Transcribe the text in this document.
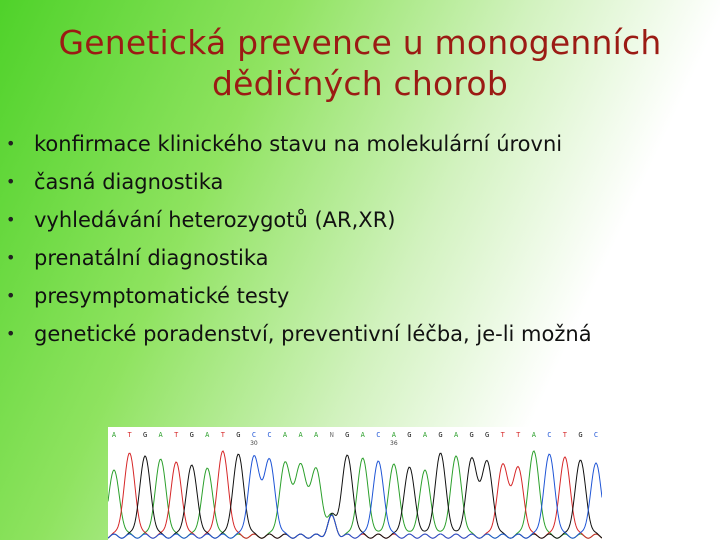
Genetická prevence u monogenních
dědičných chorob
• konfirmace klinického stavu na molekulární úrovni
• časná diagnostika
• vyhledávání heterozygotů (AR,XR)
• prenatální diagnostika
• presymptomatické testy
• genetické poradenství, preventivní léčba, je-li možná
A T G A T G A T G C C A A A N G A C A G A G A G G T T A C T G C
30	36
